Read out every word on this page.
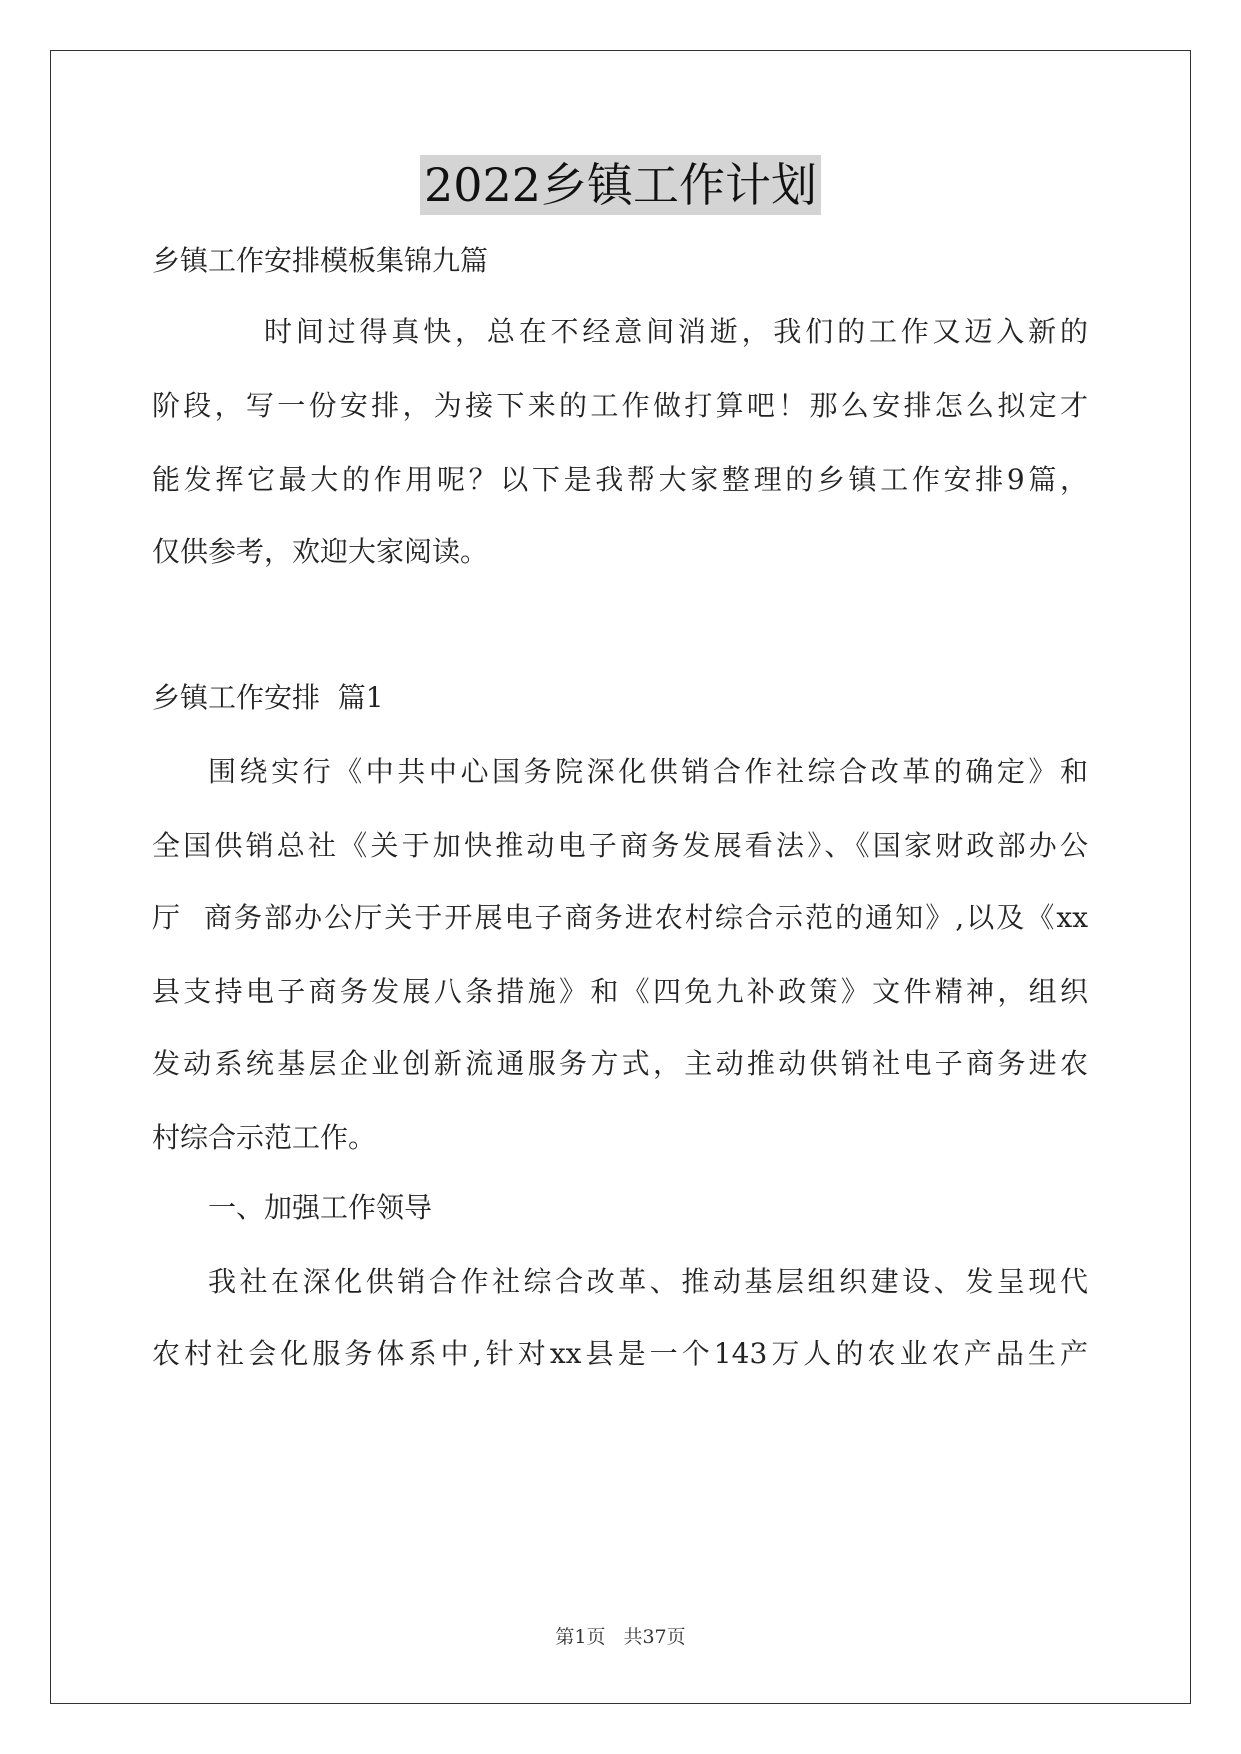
2022乡镇工作计划
乡镇工作安排模板集锦九篇
时间过得真快，总在不经意间消逝，我们的工作又迈入新的
阶段，写一份安排，为接下来的工作做打算吧！那么安排怎么拟定才
能发挥它最大的作用呢？以下是我帮大家整理的乡镇工作安排9篇，
仅供参考，欢迎大家阅读。
乡镇工作安排  篇1
围绕实行《中共中心国务院深化供销合作社综合改革的确定》和
全国供销总社《关于加快推动电子商务发展看法》、《国家财政部办公
厅  商务部办公厅关于开展电子商务进农村综合示范的通知》,以及《xx
县支持电子商务发展八条措施》和《四免九补政策》文件精神，组织
发动系统基层企业创新流通服务方式，主动推动供销社电子商务进农
村综合示范工作。
一、加强工作领导
我社在深化供销合作社综合改革、推动基层组织建设、发呈现代
农村社会化服务体系中,针对xx县是一个143万人的农业农产品生产
第1页 共37页
